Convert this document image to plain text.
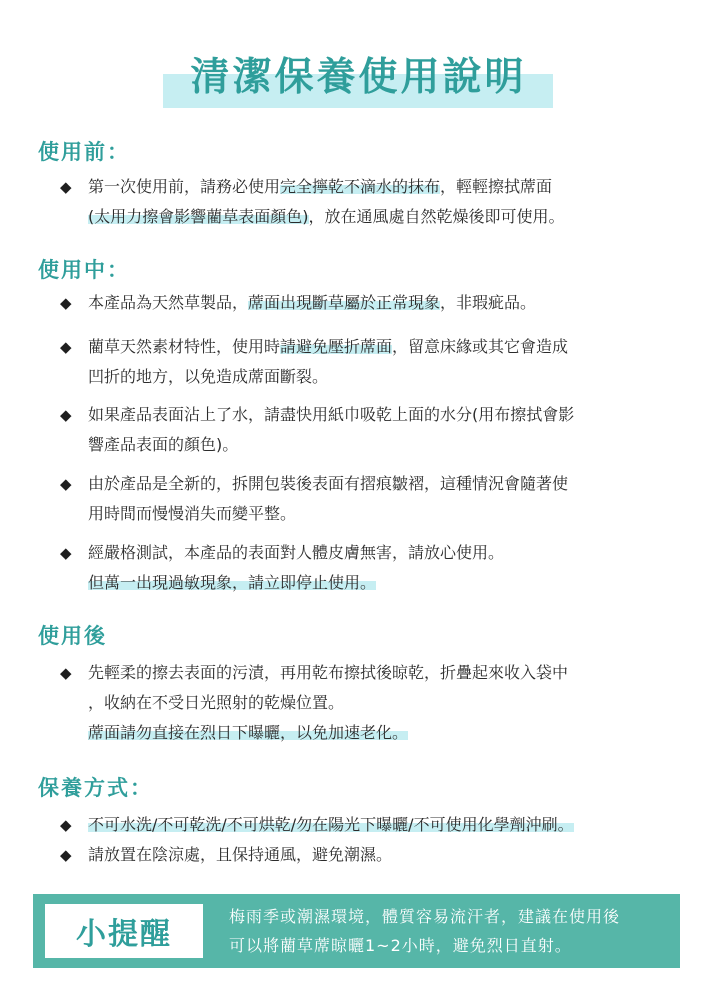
清潔保養使用說明
使用前：
◆ 第一次使用前，請務必使用完全擰乾不滴水的抹布，輕輕擦拭蓆面
(太用力擦會影響藺草表面顏色)，放在通風處自然乾燥後即可使用。
使用中：
◆ 本產品為天然草製品，蓆面出現斷草屬於正常現象，非瑕疵品。
◆ 藺草天然素材特性，使用時請避免壓折蓆面，留意床緣或其它會造成
凹折的地方，以免造成蓆面斷裂。
◆ 如果產品表面沾上了水，請盡快用紙巾吸乾上面的水分(用布擦拭會影
響產品表面的顏色)。
◆ 由於產品是全新的，拆開包裝後表面有摺痕皺褶，這種情況會隨著使
用時間而慢慢消失而變平整。
◆ 經嚴格測試，本產品的表面對人體皮膚無害，請放心使用。
但萬一出現過敏現象，請立即停止使用。
使用後
◆ 先輕柔的擦去表面的污漬，再用乾布擦拭後晾乾，折疊起來收入袋中
，收納在不受日光照射的乾燥位置。
蓆面請勿直接在烈日下曝曬，以免加速老化。
保養方式：
◆ 不可水洗/不可乾洗/不可烘乾/勿在陽光下曝曬/不可使用化學劑沖刷。
◆ 請放置在陰涼處，且保持通風，避免潮濕。
小提醒
梅雨季或潮濕環境，體質容易流汗者，建議在使用後
可以將藺草蓆晾曬1~2小時，避免烈日直射。
